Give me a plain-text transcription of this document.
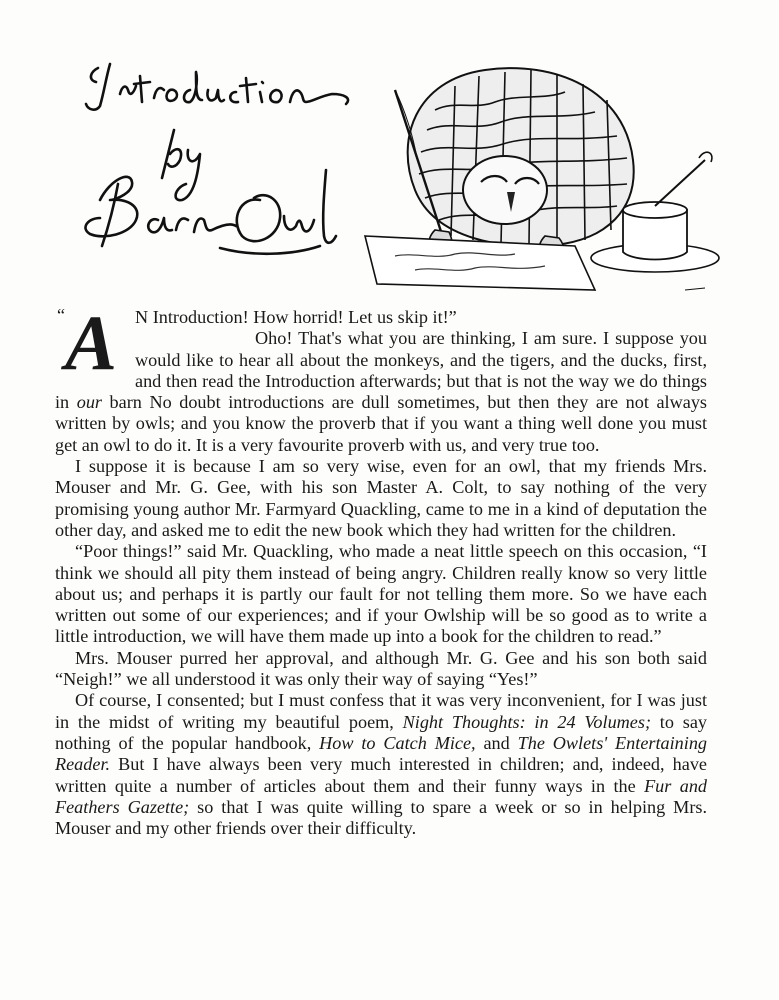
“ A N Introduction! How horrid! Let us skip it!”

Oho! That's what you are thinking, I am sure. I suppose you would like to hear all about the monkeys, and the tigers, and the ducks, first, and then read the Introduction afterwards; but that is not the way we do things in our barn No doubt introductions are dull sometimes, but then they are not always written by owls; and you know the proverb that if you want a thing well done you must get an owl to do it. It is a very favourite proverb with us, and very true too.

I suppose it is because I am so very wise, even for an owl, that my friends Mrs. Mouser and Mr. G. Gee, with his son Master A. Colt, to say nothing of the very promising young author Mr. Farmyard Quackling, came to me in a kind of deputation the other day, and asked me to edit the new book which they had written for the children.

“Poor things!” said Mr. Quackling, who made a neat little speech on this occasion, “I think we should all pity them instead of being angry. Children really know so very little about us; and perhaps it is partly our fault for not telling them more. So we have each written out some of our experiences; and if your Owlship will be so good as to write a little introduction, we will have them made up into a book for the children to read.”

Mrs. Mouser purred her approval, and although Mr. G. Gee and his son both said “Neigh!” we all understood it was only their way of saying “Yes!”

Of course, I consented; but I must confess that it was very inconvenient, for I was just in the midst of writing my beautiful poem, Night Thoughts: in 24 Volumes; to say nothing of the popular handbook, How to Catch Mice, and The Owlets' Entertaining Reader. But I have always been very much interested in children; and, indeed, have written quite a number of articles about them and their funny ways in the Fur and Feathers Gazette; so that I was quite willing to spare a week or so in helping Mrs. Mouser and my other friends over their difficulty.
